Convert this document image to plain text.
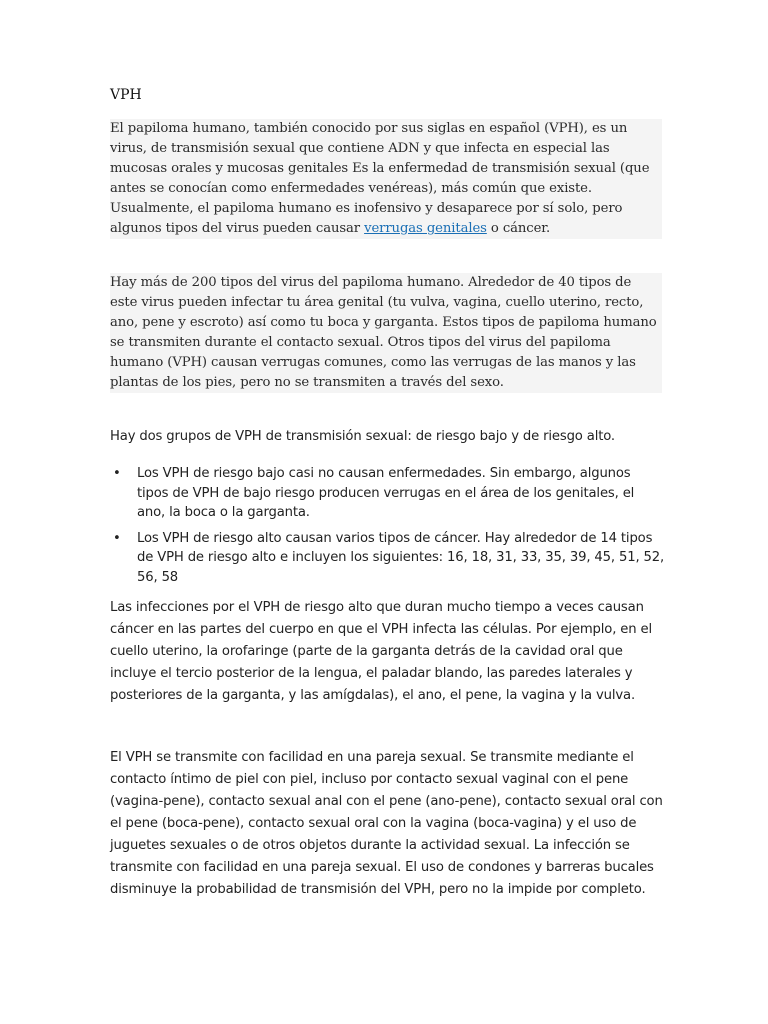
VPH
El papiloma humano, también conocido por sus siglas en español (VPH), es un virus, de transmisión sexual que contiene ADN y que infecta en especial las mucosas orales y mucosas genitales Es la enfermedad de transmisión sexual (que antes se conocían como enfermedades venéreas), más común que existe. Usualmente, el papiloma humano es inofensivo y desaparece por sí solo, pero algunos tipos del virus pueden causar verrugas genitales o cáncer.
Hay más de 200 tipos del virus del papiloma humano. Alrededor de 40 tipos de este virus pueden infectar tu área genital (tu vulva, vagina, cuello uterino, recto, ano, pene y escroto) así como tu boca y garganta. Estos tipos de papiloma humano se transmiten durante el contacto sexual. Otros tipos del virus del papiloma humano (VPH) causan verrugas comunes, como las verrugas de las manos y las plantas de los pies, pero no se transmiten a través del sexo.
Hay dos grupos de VPH de transmisión sexual: de riesgo bajo y de riesgo alto.
• Los VPH de riesgo bajo casi no causan enfermedades. Sin embargo, algunos tipos de VPH de bajo riesgo producen verrugas en el área de los genitales, el ano, la boca o la garganta.
• Los VPH de riesgo alto causan varios tipos de cáncer. Hay alrededor de 14 tipos de VPH de riesgo alto e incluyen los siguientes: 16, 18, 31, 33, 35, 39, 45, 51, 52, 56, 58
Las infecciones por el VPH de riesgo alto que duran mucho tiempo a veces causan cáncer en las partes del cuerpo en que el VPH infecta las células. Por ejemplo, en el cuello uterino, la orofaringe (parte de la garganta detrás de la cavidad oral que incluye el tercio posterior de la lengua, el paladar blando, las paredes laterales y posteriores de la garganta, y las amígdalas), el ano, el pene, la vagina y la vulva.
El VPH se transmite con facilidad en una pareja sexual. Se transmite mediante el contacto íntimo de piel con piel, incluso por contacto sexual vaginal con el pene (vagina-pene), contacto sexual anal con el pene (ano-pene), contacto sexual oral con el pene (boca-pene), contacto sexual oral con la vagina (boca-vagina) y el uso de juguetes sexuales o de otros objetos durante la actividad sexual. La infección se transmite con facilidad en una pareja sexual. El uso de condones y barreras bucales disminuye la probabilidad de transmisión del VPH, pero no la impide por completo.
